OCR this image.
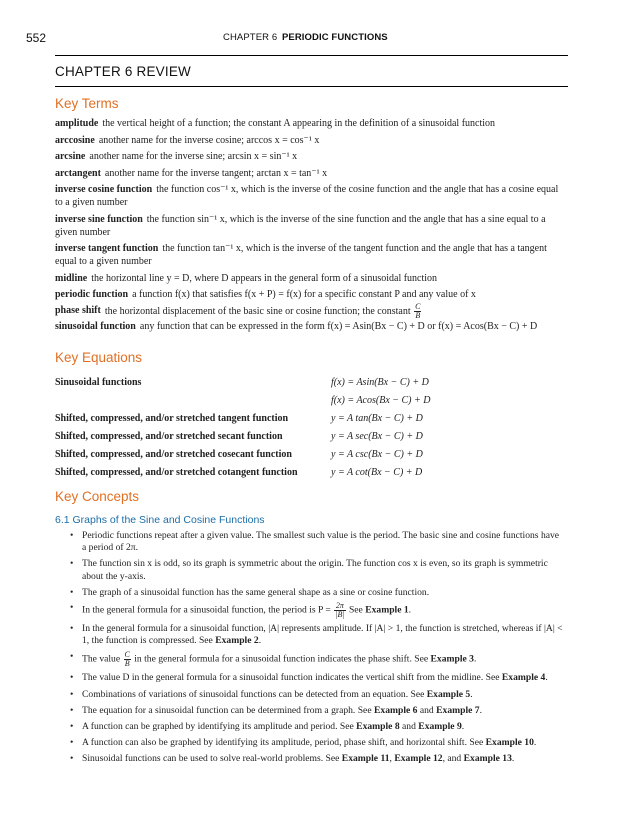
552	CHAPTER 6 PERIODIC FUNCTIONS
CHAPTER 6 REVIEW
Key Terms
amplitude the vertical height of a function; the constant A appearing in the definition of a sinusoidal function
arccosine another name for the inverse cosine; arccos x = cos⁻¹ x
arcsine another name for the inverse sine; arcsin x = sin⁻¹ x
arctangent another name for the inverse tangent; arctan x = tan⁻¹ x
inverse cosine function the function cos⁻¹ x, which is the inverse of the cosine function and the angle that has a cosine equal to a given number
inverse sine function the function sin⁻¹ x, which is the inverse of the sine function and the angle that has a sine equal to a given number
inverse tangent function the function tan⁻¹ x, which is the inverse of the tangent function and the angle that has a tangent equal to a given number
midline the horizontal line y = D, where D appears in the general form of a sinusoidal function
periodic function a function f(x) that satisfies f(x + P) = f(x) for a specific constant P and any value of x
phase shift the horizontal displacement of the basic sine or cosine function; the constant $\frac{C}{B}$
sinusoidal function any function that can be expressed in the form f(x) = Asin(Bx − C) + D or f(x) = Acos(Bx − C) + D
Key Equations
Sinusoidal functions	f(x) = Asin(Bx − C) + D
f(x) = Acos(Bx − C) + D
Shifted, compressed, and/or stretched tangent function	y = A tan(Bx − C) + D
Shifted, compressed, and/or stretched secant function	y = A sec(Bx − C) + D
Shifted, compressed, and/or stretched cosecant function	y = A csc(Bx − C) + D
Shifted, compressed, and/or stretched cotangent function	y = A cot(Bx − C) + D
Key Concepts
6.1 Graphs of the Sine and Cosine Functions
• Periodic functions repeat after a given value. The smallest such value is the period. The basic sine and cosine functions have a period of 2π.
• The function sin x is odd, so its graph is symmetric about the origin. The function cos x is even, so its graph is symmetric about the y-axis.
• The graph of a sinusoidal function has the same general shape as a sine or cosine function.
• In the general formula for a sinusoidal function, the period is $P = \frac{2\pi}{|B|}$ See Example 1.
• In the general formula for a sinusoidal function, |A| represents amplitude. If |A| > 1, the function is stretched, whereas if |A| < 1, the function is compressed. See Example 2.
• The value $\frac{C}{B}$ in the general formula for a sinusoidal function indicates the phase shift. See Example 3.
• The value D in the general formula for a sinusoidal function indicates the vertical shift from the midline. See Example 4.
• Combinations of variations of sinusoidal functions can be detected from an equation. See Example 5.
• The equation for a sinusoidal function can be determined from a graph. See Example 6 and Example 7.
• A function can be graphed by identifying its amplitude and period. See Example 8 and Example 9.
• A function can also be graphed by identifying its amplitude, period, phase shift, and horizontal shift. See Example 10.
• Sinusoidal functions can be used to solve real-world problems. See Example 11, Example 12, and Example 13.
